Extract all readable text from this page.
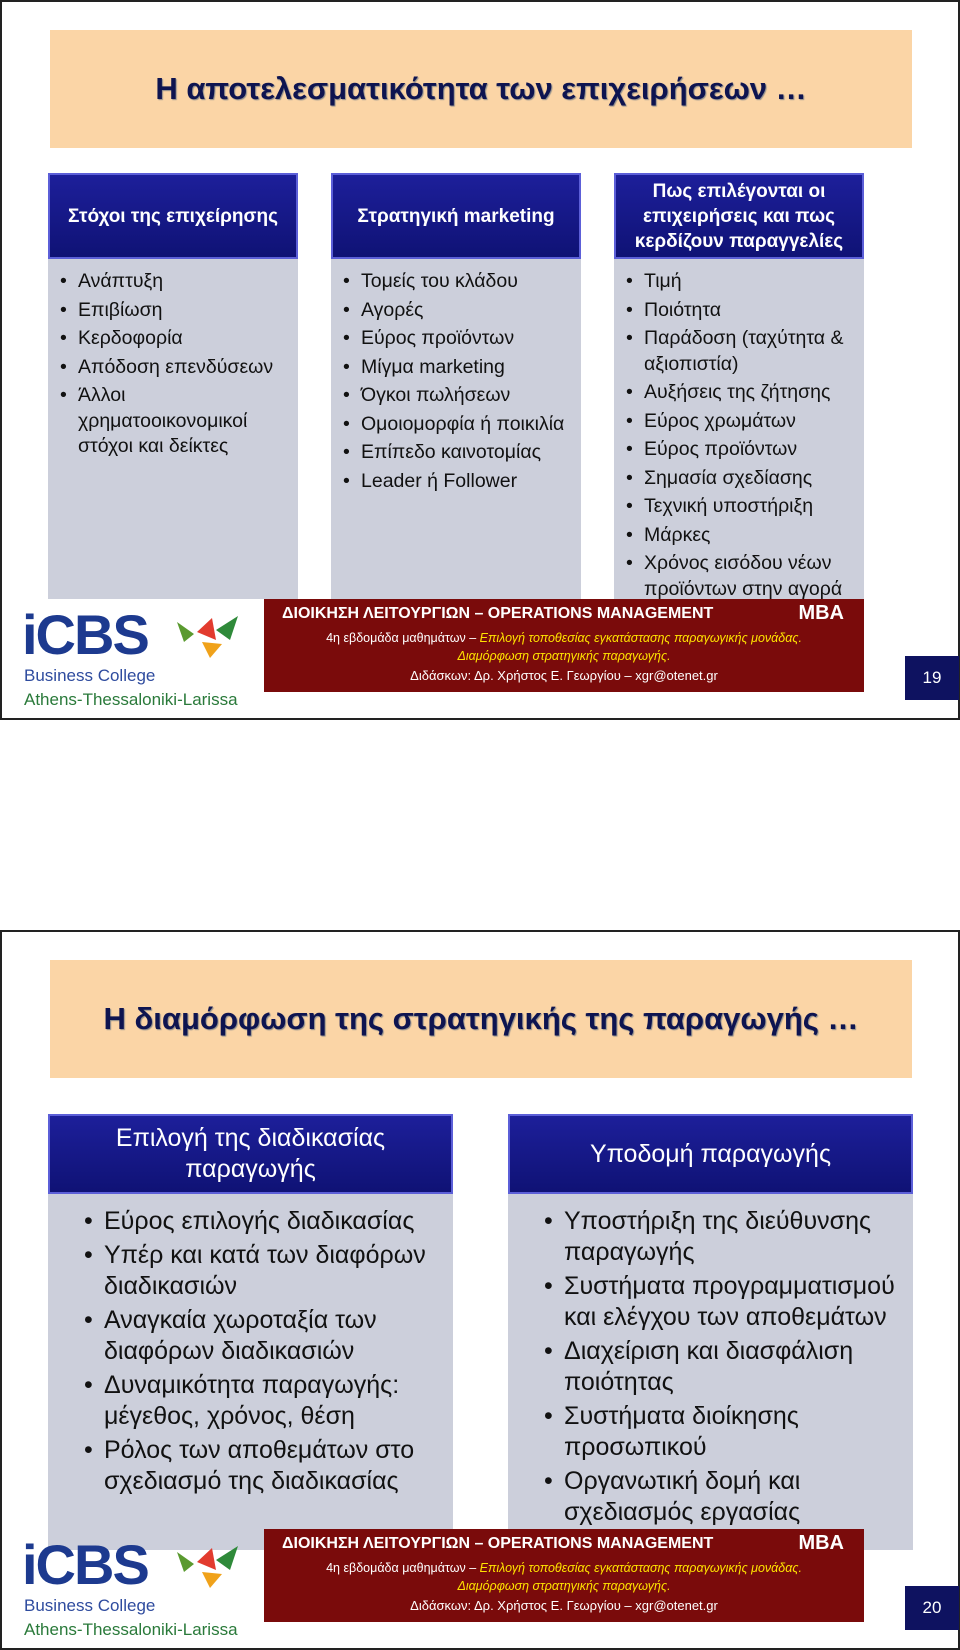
Η αποτελεσματικότητα των επιχειρήσεων …
Στόχοι της επιχείρησης
• Ανάπτυξη
• Επιβίωση
• Κερδοφορία
• Απόδοση επενδύσεων
• Άλλοι χρηματοοικονομικοί στόχοι και δείκτες
Στρατηγική marketing
• Τομείς του κλάδου
• Αγορές
• Εύρος προϊόντων
• Μίγμα marketing
• Όγκοι πωλήσεων
• Ομοιομορφία ή ποικιλία
• Επίπεδο καινοτομίας
• Leader ή Follower
Πως επιλέγονται οι επιχειρήσεις και πως κερδίζουν παραγγελίες
• Τιμή
• Ποιότητα
• Παράδοση (ταχύτητα & αξιοπιστία)
• Αυξήσεις της ζήτησης
• Εύρος χρωμάτων
• Εύρος προϊόντων
• Σημασία σχεδίασης
• Τεχνική υποστήριξη
• Μάρκες
• Χρόνος εισόδου νέων προϊόντων στην αγορά
iCBS
Business College
Athens-Thessaloniki-Larissa
ΔΙΟΙΚΗΣΗ ΛΕΙΤΟΥΡΓΙΩΝ – OPERATIONS MANAGEMENT	MBA
4η εβδομάδα μαθημάτων – Επιλογή τοποθεσίας εγκατάστασης παραγωγικής μονάδας.
Διαμόρφωση στρατηγικής παραγωγής.
Διδάσκων: Δρ. Χρήστος Ε. Γεωργίου – xgr@otenet.gr	19
Η διαμόρφωση της στρατηγικής της παραγωγής …
Επιλογή της διαδικασίας παραγωγής
• Εύρος επιλογής διαδικασίας
• Υπέρ και κατά των διαφόρων διαδικασιών
• Αναγκαία χωροταξία των διαφόρων διαδικασιών
• Δυναμικότητα παραγωγής: μέγεθος, χρόνος, θέση
• Ρόλος των αποθεμάτων στο σχεδιασμό της διαδικασίας
Υποδομή παραγωγής
• Υποστήριξη της διεύθυνσης παραγωγής
• Συστήματα προγραμματισμού και ελέγχου των αποθεμάτων
• Διαχείριση και διασφάλιση ποιότητας
• Συστήματα διοίκησης προσωπικού
• Οργανωτική δομή και σχεδιασμός εργασίας
iCBS
Business College
Athens-Thessaloniki-Larissa
ΔΙΟΙΚΗΣΗ ΛΕΙΤΟΥΡΓΙΩΝ – OPERATIONS MANAGEMENT	MBA
4η εβδομάδα μαθημάτων – Επιλογή τοποθεσίας εγκατάστασης παραγωγικής μονάδας.
Διαμόρφωση στρατηγικής παραγωγής.
Διδάσκων: Δρ. Χρήστος Ε. Γεωργίου – xgr@otenet.gr	20
